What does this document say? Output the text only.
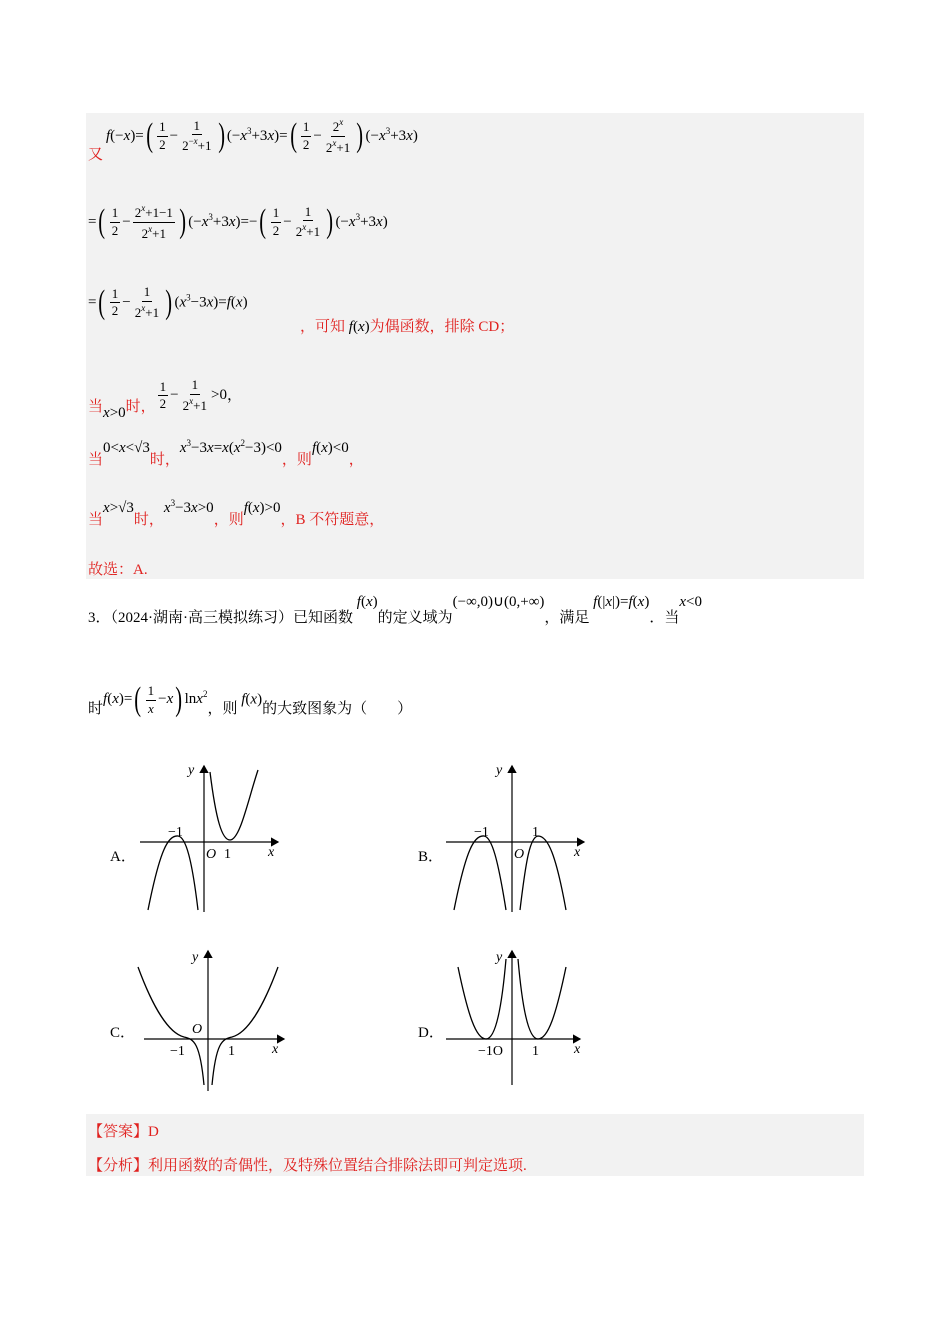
又
$f(-x)=( \frac{1}{2} - \frac{1}{2^{-x}+1}$ ) $(-x^3+3x)=( \frac{1}{2} - \frac{2^x}{2^x+1}$ ) $(-x^3+3x)$
=( $\frac{1}{2} - \frac{2^x+1-1}{2^x+1}$ ) $(-x^3+3x)=-( \frac{1}{2} - \frac{1}{2^x+1}$ ) $(-x^3+3x)$
=( $\frac{1}{2} - \frac{1}{2^x+1}$ ) $(x^3-3x)=f(x)$
，可知 f(x)为偶函数，排除 CD；
当x>0时， $\frac{1}{2} - \frac{1}{2^x+1} >0$，
当0<x<√3时，$x^3-3x=x(x^2-3)<0$，则f(x)<0，
当x>√3时，$x^3-3x>0$，则f(x)>0，B 不符题意，
故选：A.
3．（2024·湖南·高三模拟练习）已知函数 f(x)的定义域为(−∞,0)∪(0,+∞)，满足 f(|x|)=f(x)．当x<0
时$f(x)=( \frac{1}{x} -x)$ lnx$^2$，则 f(x)的大致图象为（　　）
A．	B．
C．	D．
y
x
O
−1
1
y
x
O
−1	1
y
x
O
−1	1
y
x
−1O 1
【答案】D
【分析】利用函数的奇偶性，及特殊位置结合排除法即可判定选项.
